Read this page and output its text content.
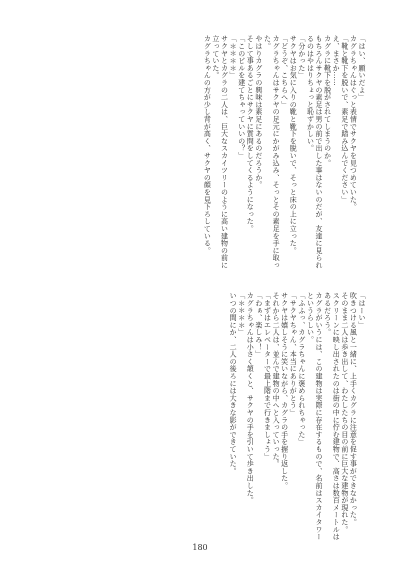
「はい、願いだよ」
カグラちゃんはぐっと表情でサクヤを見つめていた。
「靴と靴下を脱いで、素足で踏み込んでください」
え、まさか……
カグラに靴下を脱がされてしまうのか。
もちろんサクヤの素足は男の前で出した事はないのだが、友達に見られるのはやはりちょっと恥ずかしい。
「分かった」
サクヤはお気に入りの靴と靴下を脱いで、そっと床の上に立った。
「どうぞ、こちらへ」
カグラちゃんはサクヤの足元にかがみ込み、そっとその素足を手に取った。
やはりカグラの興味は素足にあるのだろうか。
そして事あるごとにサクヤに質問をしてくるようになった。
「このビルを建てちゃっていいの？」
「＊＊＊＊」
サクヤとカグラの二人は、巨大なスカイツリーのように高い建物の前に立っていた。
カグラちゃんの方が少し背が高く、サクヤの顔を見下ろしている。
「はーい」
吹きつける風と一緒に、上手くカグラに注意を促す事ができなかった。
そのまま二人は歩き出して、わたしたちの目の前に巨大な建物が現れた。
スクリーンに映し出されたのは街の中に佇む建物で、高さは数百メートルはあるだろう。
カグラがいうには、この建物は実際に存在するもので、名前はスカイタワーというらしい。
「ふふっ、カグラちゃんに褒められちゃった」
「サクヤちゃん、本当にありがとう」
サクヤは嬉しそうに笑いながら、カグラの手を握り返した。
それから二人は、並んで建物の中へと入っていった。
「まずはエレベーターで最上階まで行きましょう」
「わぁ、楽しみ！」
カグラちゃんは小さく頷くと、サクヤの手を引いて歩き出した。
「＊＊＊＊」
いつの間にか、二人の後ろには大きな影ができていた。
180
